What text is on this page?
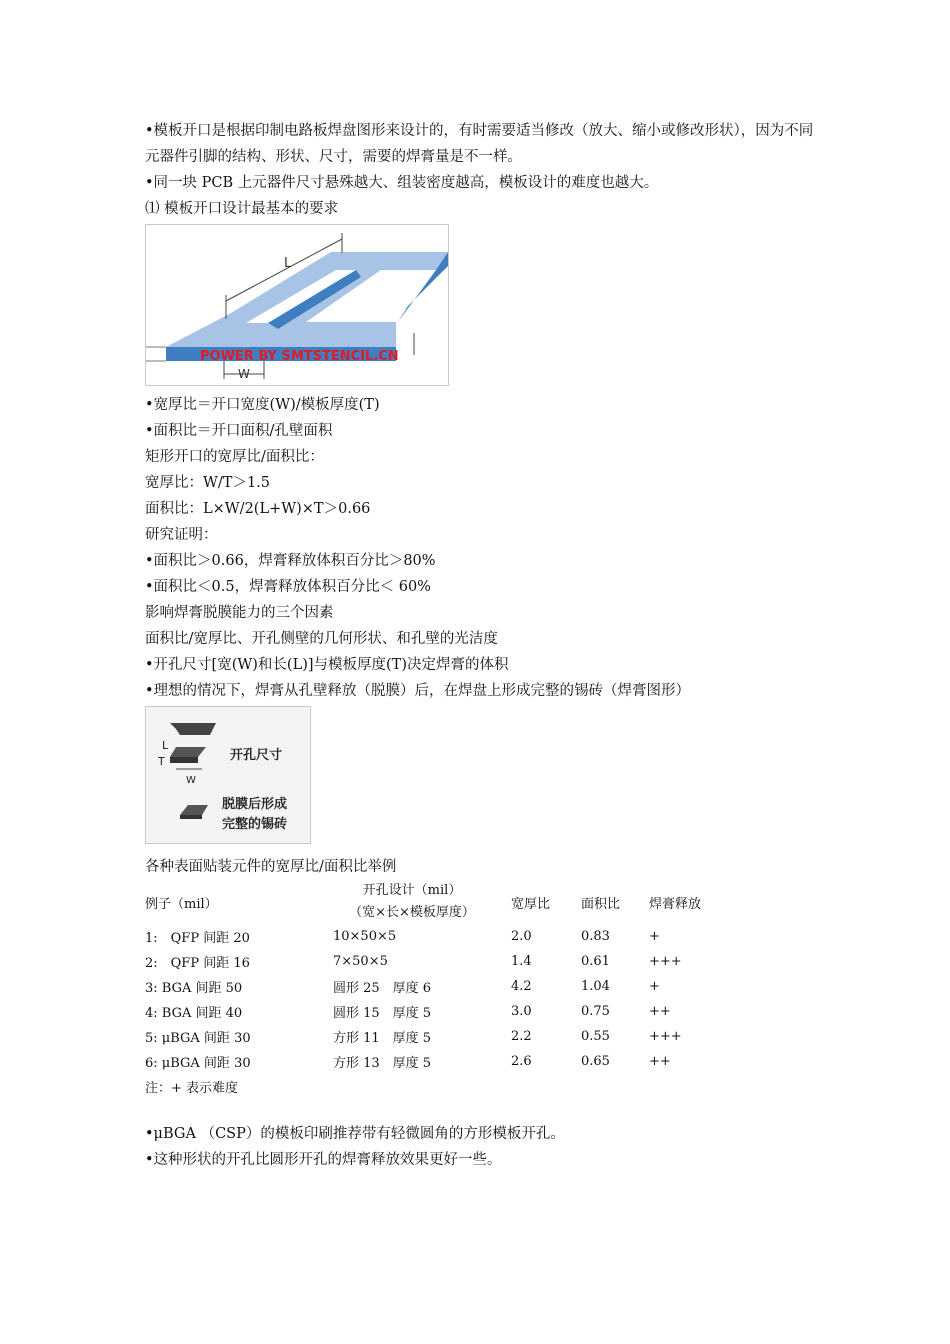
•模板开口是根据印制电路板焊盘图形来设计的，有时需要适当修改（放大、缩小或修改形状），因为不同元器件引脚的结构、形状、尺寸，需要的焊膏量是不一样。
•同一块 PCB 上元器件尺寸悬殊越大、组装密度越高，模板设计的难度也越大。
⑴ 模板开口设计最基本的要求
L
W
POWER BY SMTSTENCIL.CN
•宽厚比＝开口宽度(W)/模板厚度(T)
•面积比＝开口面积/孔壁面积
矩形开口的宽厚比/面积比：
宽厚比：W/T＞1.5
面积比：L×W/2(L+W)×T＞0.66
研究证明：
•面积比＞0.66，焊膏释放体积百分比＞80%
•面积比＜0.5，焊膏释放体积百分比＜ 60%
影响焊膏脱膜能力的三个因素
面积比/宽厚比、开孔侧壁的几何形状、和孔壁的光洁度
•开孔尺寸[宽(W)和长(L)]与模板厚度(T)决定焊膏的体积
•理想的情况下，焊膏从孔壁释放（脱膜）后，在焊盘上形成完整的锡砖（焊膏图形）
L
T
W
开孔尺寸
脱膜后形成
完整的锡砖
各种表面贴装元件的宽厚比/面积比举例
例子（mil）	开孔设计（mil）
（宽×长×模板厚度）	宽厚比	面积比	焊膏释放
1:　QFP 间距 20	10×50×5	2.0	0.83	+
2:　QFP 间距 16	7×50×5	1.4	0.61	+++
3: BGA 间距 50	圆形 25　厚度 6	4.2	1.04	+
4: BGA 间距 40	圆形 15　厚度 5	3.0	0.75	++
5: μBGA 间距 30	方形 11　厚度 5	2.2	0.55	+++
6: μBGA 间距 30	方形 13　厚度 5	2.6	0.65	++
注：+ 表示难度				
•μBGA （CSP）的模板印刷推荐带有轻微圆角的方形模板开孔。
•这种形状的开孔比圆形开孔的焊膏释放效果更好一些。
